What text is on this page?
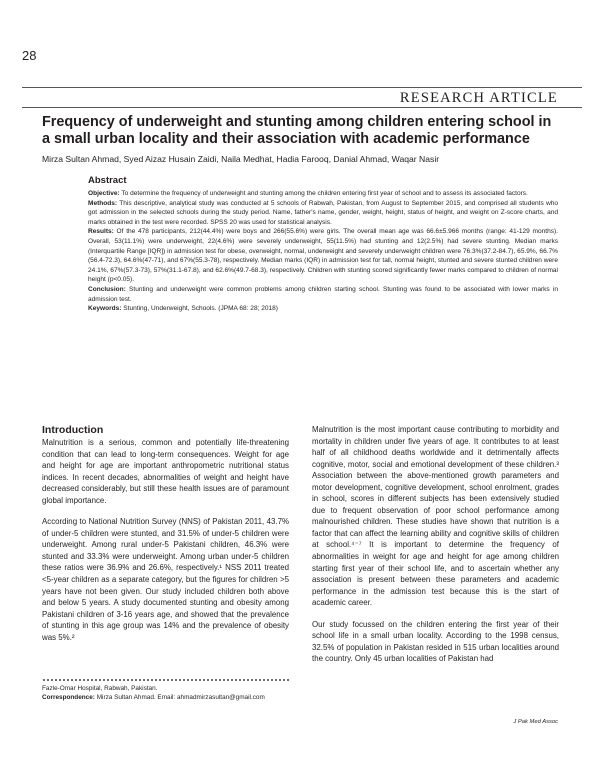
28
RESEARCH ARTICLE
Frequency of underweight and stunting among children entering school in a small urban locality and their association with academic performance
Mirza Sultan Ahmad, Syed Aizaz Husain Zaidi, Naila Medhat, Hadia Farooq, Danial Ahmad, Waqar Nasir
Abstract

Objective: To determine the frequency of underweight and stunting among the children entering first year of school and to assess its associated factors.

Methods: This descriptive, analytical study was conducted at 5 schools of Rabwah, Pakistan, from August to September 2015, and comprised all students who got admission in the selected schools during the study period. Name, father's name, gender, weight, height, status of height, and weight on Z-score charts, and marks obtained in the test were recorded. SPSS 20 was used for statistical analysis.

Results: Of the 478 participants, 212(44.4%) were boys and 266(55.6%) were girls. The overall mean age was 66.6±5.966 months (range: 41-129 months). Overall, 53(11.1%) were underweight, 22(4.6%) were severely underweight, 55(11.5%) had stunting and 12(2.5%) had severe stunting. Median marks (Interquartile Range [IQR]) in admission test for obese, overweight, normal, underweight and severely underweight children were 76.3%(37.2-84.7), 65.9%, 66.7%(56.4-72.3), 64.6%(47-71), and 67%(55.3-78), respectively. Median marks (IQR) in admission test for tall, normal height, stunted and severe stunted children were 24.1%, 67%(57.3-73), 57%(31.1-67.8), and 62.6%(49.7-68.3), respectively. Children with stunting scored significantly fewer marks compared to children of normal height (p<0.05).

Conclusion: Stunting and underweight were common problems among children starting school. Stunting was found to be associated with lower marks in admission test.

Keywords: Stunting, Underweight, Schools. (JPMA 68: 28; 2018)

Introduction

Malnutrition is a serious, common and potentially life-threatening condition that can lead to long-term consequences. Weight for age and height for age are important anthropometric nutritional status indices. In recent decades, abnormalities of weight and height have decreased considerably, but still these health issues are of paramount global importance.

According to National Nutrition Survey (NNS) of Pakistan 2011, 43.7% of under-5 children were stunted, and 31.5% of under-5 children were underweight. Among rural under-5 Pakistani children, 46.3% were stunted and 33.3% were underweight. Among urban under-5 children these ratios were 36.9% and 26.6%, respectively.¹ NSS 2011 treated <5-year children as a separate category, but the figures for children >5 years have not been given. Our study included children both above and below 5 years. A study documented stunting and obesity among Pakistani children of 3-16 years age, and showed that the prevalence of stunting in this age group was 14% and the prevalence of obesity was 5%.²

Malnutrition is the most important cause contributing to morbidity and mortality in children under five years of age. It contributes to at least half of all childhood deaths worldwide and it detrimentally affects cognitive, motor, social and emotional development of these children.³ Association between the above-mentioned growth parameters and motor development, cognitive development, school enrolment, grades in school, scores in different subjects has been extensively studied due to frequent observation of poor school performance among malnourished children. These studies have shown that nutrition is a factor that can affect the learning ability and cognitive skills of children at school.⁴⁻⁷ It is important to determine the frequency of abnormalities in weight for age and height for age among children starting first year of their school life, and to ascertain whether any association is present between these parameters and academic performance in the admission test because this is the start of academic career.

Our study focussed on the children entering the first year of their school life in a small urban locality. According to the 1998 census, 32.5% of population in Pakistan resided in 515 urban localities around the country. Only 45 urban localities of Pakistan had

Fazle-Omar Hospital, Rabwah, Pakistan.
Correspondence: Mirza Sultan Ahmad. Email: ahmadmirzasultan@gmail.com
J Pak Med Assoc
